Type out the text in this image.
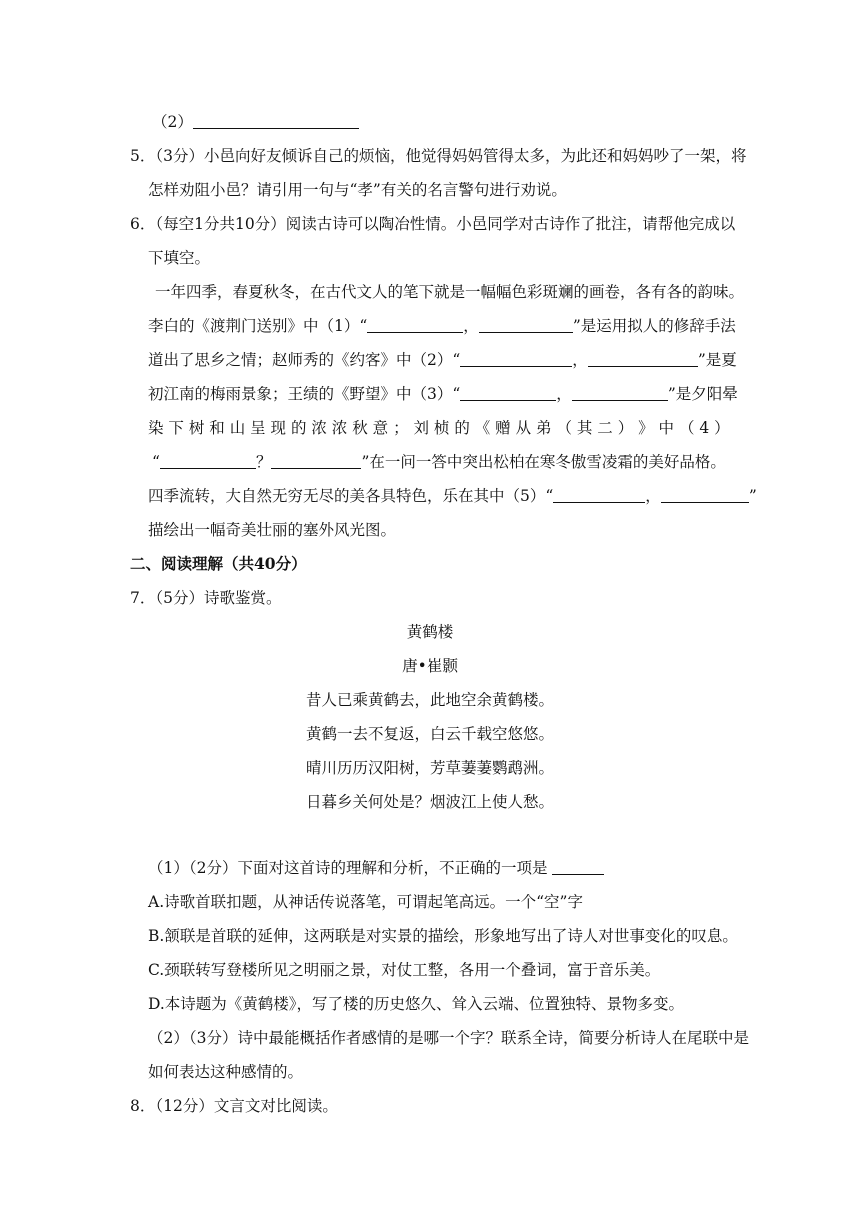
（2）
5．（3分）小邑向好友倾诉自己的烦恼，他觉得妈妈管得太多，为此还和妈妈吵了一架，将
怎样劝阻小邑？请引用一句与“孝”有关的名言警句进行劝说。
6．（每空1分共10分）阅读古诗可以陶冶性情。小邑同学对古诗作了批注，请帮他完成以
下填空。
一年四季，春夏秋冬，在古代文人的笔下就是一幅幅色彩斑斓的画卷，各有各的韵味。
李白的《渡荆门送别》中（1）“	，	”是运用拟人的修辞手法
道出了思乡之情；赵师秀的《约客》中（2）“	，	”是夏
初江南的梅雨景象；王绩的《野望》中（3）“	，	”是夕阳晕
染 下 树 和 山 呈 现 的 浓 浓 秋 意 ； 刘 桢 的 《 赠 从 弟 （ 其 二 ） 》 中 （ 4 ）
“	？	”在一问一答中突出松柏在寒冬傲雪凌霜的美好品格。
四季流转，大自然无穷无尽的美各具特色，乐在其中（5）“	，	”
描绘出一幅奇美壮丽的塞外风光图。
二、阅读理解（共40分）
7．（5分）诗歌鉴赏。
黄鹤楼
唐•崔颢
昔人已乘黄鹤去，此地空余黄鹤楼。
黄鹤一去不复返，白云千载空悠悠。
晴川历历汉阳树，芳草萋萋鹦鹉洲。
日暮乡关何处是？烟波江上使人愁。
（1）（2分）下面对这首诗的理解和分析，不正确的一项是
A.诗歌首联扣题，从神话传说落笔，可谓起笔高远。一个“空”字
B.颔联是首联的延伸，这两联是对实景的描绘，形象地写出了诗人对世事变化的叹息。
C.颈联转写登楼所见之明丽之景，对仗工整，各用一个叠词，富于音乐美。
D.本诗题为《黄鹤楼》，写了楼的历史悠久、耸入云端、位置独特、景物多变。
（2）（3分）诗中最能概括作者感情的是哪一个字？联系全诗，简要分析诗人在尾联中是
如何表达这种感情的。
8．（12分）文言文对比阅读。
